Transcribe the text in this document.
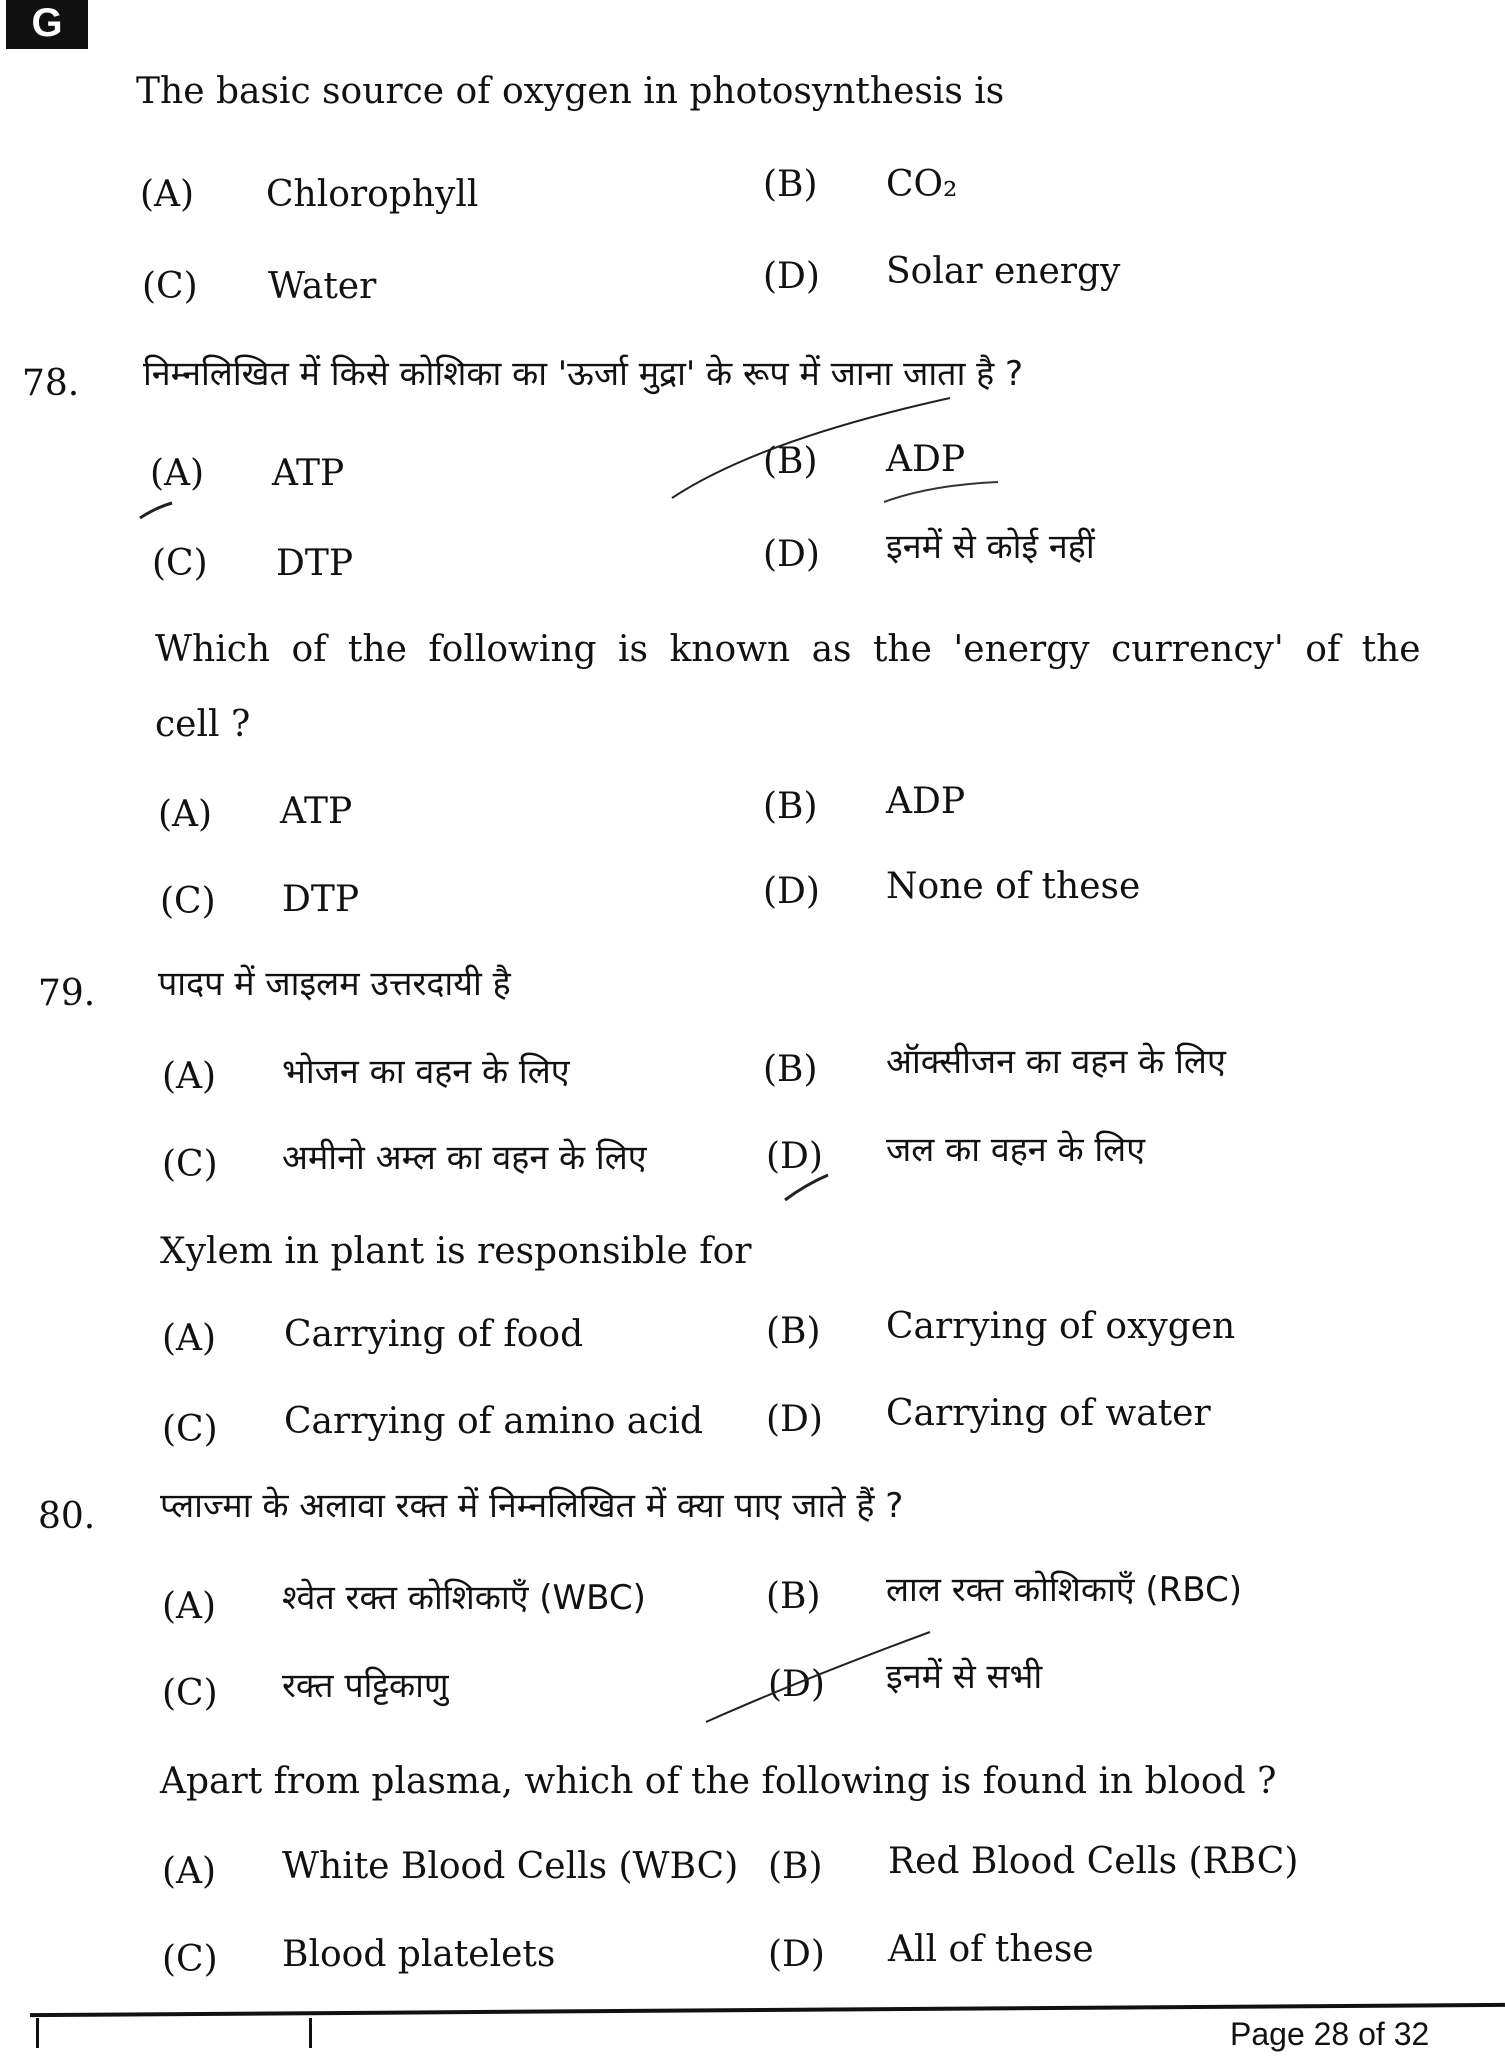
G
The basic source of oxygen in photosynthesis is
(A) Chlorophyll	(B) CO₂
(C) Water	(D) Solar energy
78. निम्नलिखित में किसे कोशिका का 'ऊर्जा मुद्रा' के रूप में जाना जाता है ?
(A) ATP	(B) ADP
(C) DTP	(D) इनमें से कोई नहीं
Which of the following is known as the 'energy currency' of the
cell ?
(A) ATP	(B) ADP
(C) DTP	(D) None of these
79. पादप में जाइलम उत्तरदायी है
(A) भोजन का वहन के लिए	(B) ऑक्सीजन का वहन के लिए
(C) अमीनो अम्ल का वहन के लिए	(D) जल का वहन के लिए
Xylem in plant is responsible for
(A) Carrying of food	(B) Carrying of oxygen
(C) Carrying of amino acid (D) Carrying of water
80. प्लाज्मा के अलावा रक्त में निम्नलिखित में क्या पाए जाते हैं ?
(A) श्वेत रक्त कोशिकाएँ (WBC)	(B) लाल रक्त कोशिकाएँ (RBC)
(C) रक्त पट्टिकाणु	(D) इनमें से सभी
Apart from plasma, which of the following is found in blood ?
(A) White Blood Cells (WBC) (B) Red Blood Cells (RBC)
(C) Blood platelets	(D) All of these
Page 28 of 32
